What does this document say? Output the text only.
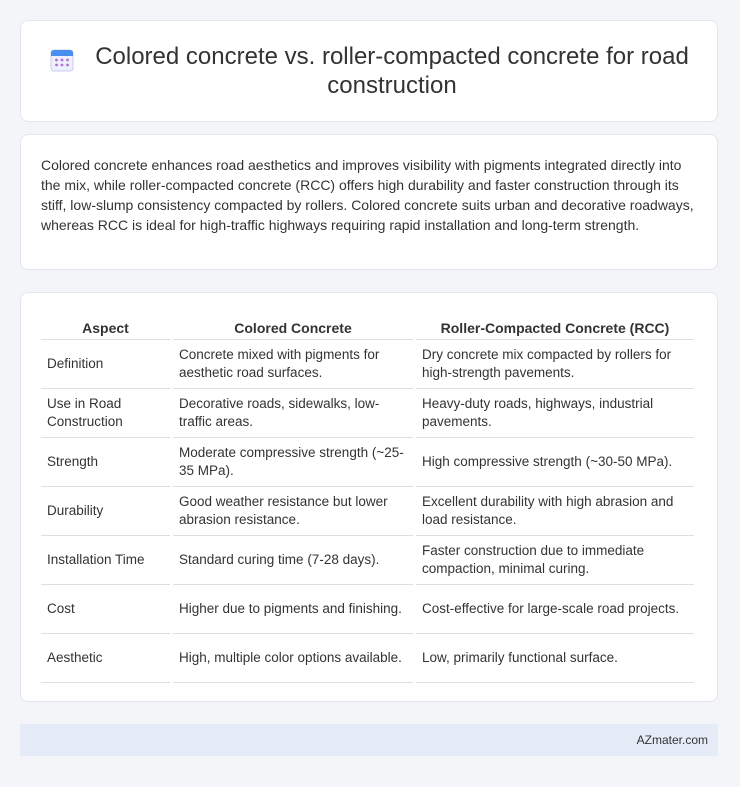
Colored concrete vs. roller-compacted concrete for road construction

Colored concrete enhances road aesthetics and improves visibility with pigments integrated directly into the mix, while roller-compacted concrete (RCC) offers high durability and faster construction through its stiff, low-slump consistency compacted by rollers. Colored concrete suits urban and decorative roadways, whereas RCC is ideal for high-traffic highways requiring rapid installation and long-term strength.

Aspect	Colored Concrete	Roller-Compacted Concrete (RCC)
Definition	Concrete mixed with pigments for aesthetic road surfaces.	Dry concrete mix compacted by rollers for high-strength pavements.
Use in Road Construction	Decorative roads, sidewalks, low-traffic areas.	Heavy-duty roads, highways, industrial pavements.
Strength	Moderate compressive strength (~25-35 MPa).	High compressive strength (~30-50 MPa).
Durability	Good weather resistance but lower abrasion resistance.	Excellent durability with high abrasion and load resistance.
Installation Time	Standard curing time (7-28 days).	Faster construction due to immediate compaction, minimal curing.
Cost	Higher due to pigments and finishing.	Cost-effective for large-scale road projects.
Aesthetic	High, multiple color options available.	Low, primarily functional surface.
AZmater.com
